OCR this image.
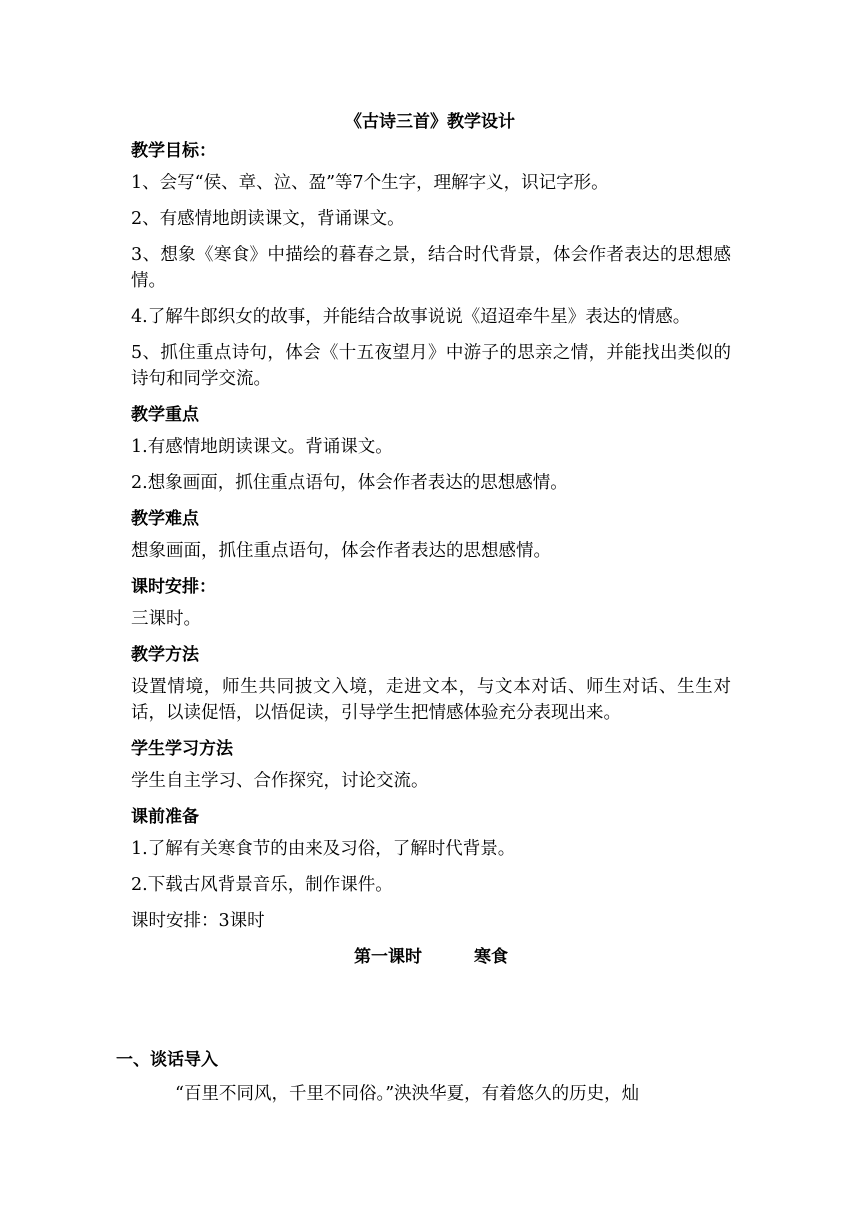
《古诗三首》教学设计
教学目标：
1、会写“侯、章、泣、盈”等7个生字，理解字义，识记字形。
2、有感情地朗读课文，背诵课文。
3、想象《寒食》中描绘的暮春之景，结合时代背景，体会作者表达的思想感情。
4.了解牛郎织女的故事，并能结合故事说说《迢迢牵牛星》表达的情感。
5、抓住重点诗句，体会《十五夜望月》中游子的思亲之情，并能找出类似的诗句和同学交流。
教学重点
1.有感情地朗读课文。背诵课文。
2.想象画面，抓住重点语句，体会作者表达的思想感情。
教学难点
想象画面，抓住重点语句，体会作者表达的思想感情。
课时安排：
三课时。
教学方法
设置情境，师生共同披文入境，走进文本，与文本对话、师生对话、生生对话，以读促悟，以悟促读，引导学生把情感体验充分表现出来。
学生学习方法
学生自主学习、合作探究，讨论交流。
课前准备
1.了解有关寒食节的由来及习俗，了解时代背景。
2.下载古风背景音乐，制作课件。
课时安排：3课时
第一课时	寒食
一、谈话导入
“百里不同风，千里不同俗。”泱泱华夏，有着悠久的历史，灿
